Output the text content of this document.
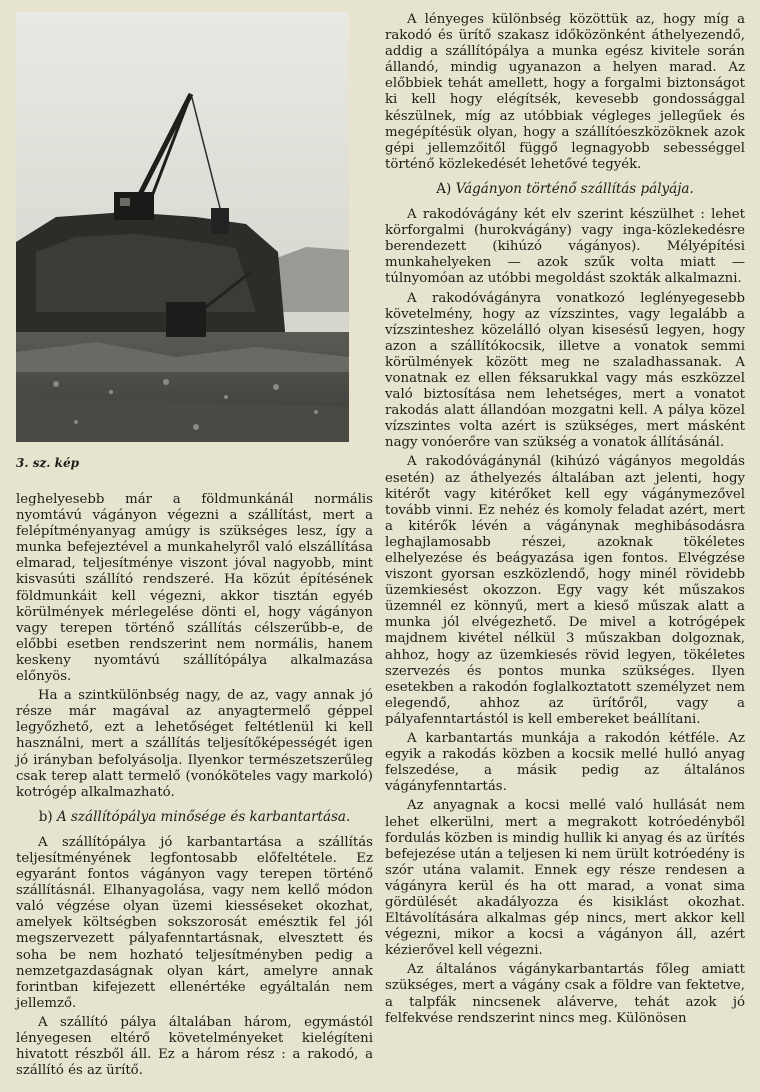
3. sz. kép

leghelyesebb már a földmunkánál normális nyomtávú vágányon végezni a szállítást, mert a felépítményanyag amúgy is szükséges lesz, így a munka befejeztével a munkahelyről való elszállítása elmarad, teljesítménye viszont jóval nagyobb, mint kisvasúti szállító rendszeré. Ha közút építésének földmunkáit kell végezni, akkor tisztán egyéb körülmények mérlegelése dönti el, hogy vágányon vagy terepen történő szállítás célszerűbb-e, de előbbi esetben rendszerint nem normális, hanem keskeny nyomtávú szállítópálya alkalmazása előnyös.

Ha a szintkülönbség nagy, de az, vagy annak jó része már magával az anyagtermelő géppel legyőzhető, ezt a lehetőséget feltétlenül ki kell használni, mert a szállítás teljesítőképességét igen jó irányban befolyásolja. Ilyenkor természetszerűleg csak terep alatt termelő (vonóköteles vagy markoló) kotrógép alkalmazható.

b) A szállítópálya minősége és karbantartása.

A szállítópálya jó karbantartása a szállítás teljesítményének legfontosabb előfeltétele. Ez egyaránt fontos vágányon vagy terepen történő szállításnál. Elhanyagolása, vagy nem kellő módon való végzése olyan üzemi kiesséseket okozhat, amelyek költségben sokszorosát emésztik fel jól megszervezett pályafenntartásnak, elvesztett és soha be nem hozható teljesítményben pedig a nemzetgazdaságnak olyan kárt, amelyre annak forintban kifejezett ellenértéke egyáltalán nem jellemző.

A szállító pálya általában három, egymástól lényegesen eltérő követelményeket kielégíteni hivatott részből áll. Ez a három rész : a rakodó, a szállító és az ürítő.

A lényeges különbség közöttük az, hogy míg a rakodó és ürítő szakasz időközönként áthelyezendő, addig a szállítópálya a munka egész kivitele során állandó, mindig ugyanazon a helyen marad. Az előbbiek tehát amellett, hogy a forgalmi biztonságot ki kell hogy elégítsék, kevesebb gondossággal készülnek, míg az utóbbiak végleges jellegűek és megépítésük olyan, hogy a szállítóeszközöknek azok gépi jellemzőitől függő legnagyobb sebességgel történő közlekedését lehetővé tegyék.

A) Vágányon történő szállítás pályája.

A rakodóvágány két elv szerint készülhet : lehet körforgalmi (hurokvágány) vagy inga-közlekedésre berendezett (kihúzó vágányos). Mélyépítési munkahelyeken — azok szűk volta miatt — túlnyomóan az utóbbi megoldást szokták alkalmazni.

A rakodóvágányra vonatkozó leglényegesebb követelmény, hogy az vízszintes, vagy legalább a vízszinteshez közelálló olyan kisesésű legyen, hogy azon a szállítókocsik, illetve a vonatok semmi körülmények között meg ne szaladhassanak. A vonatnak ez ellen féksarukkal vagy más eszközzel való biztosítása nem lehetséges, mert a vonatot rakodás alatt állandóan mozgatni kell. A pálya közel vízszintes volta azért is szükséges, mert másként nagy vonóerőre van szükség a vonatok állításánál.

A rakodóvágánynál (kihúzó vágányos megoldás esetén) az áthelyezés általában azt jelenti, hogy kitérőt vagy kitérőket kell egy vágánymezővel tovább vinni. Ez nehéz és komoly feladat azért, mert a kitérők lévén a vágánynak meghibásodásra leghajlamosabb részei, azoknak tökéletes elhelyezése és beágyazása igen fontos. Elvégzése viszont gyorsan eszközlendő, hogy minél rövidebb üzemkiesést okozzon. Egy vagy két műszakos üzemnél ez könnyű, mert a kieső műszak alatt a munka jól elvégezhető. De mivel a kotrógépek majdnem kivétel nélkül 3 műszakban dolgoznak, ahhoz, hogy az üzemkiesés rövid legyen, tökéletes szervezés és pontos munka szükséges. Ilyen esetekben a rakodón foglalkoztatott személyzet nem elegendő, ahhoz az ürítőről, vagy a pályafenntartástól is kell embereket beállítani.

A karbantartás munkája a rakodón kétféle. Az egyik a rakodás közben a kocsik mellé hulló anyag felszedése, a másik pedig az általános vágányfenntartás.

Az anyagnak a kocsi mellé való hullását nem lehet elkerülni, mert a megrakott kotróedényből fordulás közben is mindig hullik ki anyag és az ürítés befejezése után a teljesen ki nem ürült kotróedény is szór utána valamit. Ennek egy része rendesen a vágányra kerül és ha ott marad, a vonat sima gördülését akadályozza és kisiklást okozhat. Eltávolítására alkalmas gép nincs, mert akkor kell végezni, mikor a kocsi a vágányon áll, azért kézierővel kell végezni.

Az általános vágánykarbantartás főleg amiatt szükséges, mert a vágány csak a földre van fektetve, a talpfák nincsenek aláverve, tehát azok jó felfekvése rendszerint nincs meg. Különösen
